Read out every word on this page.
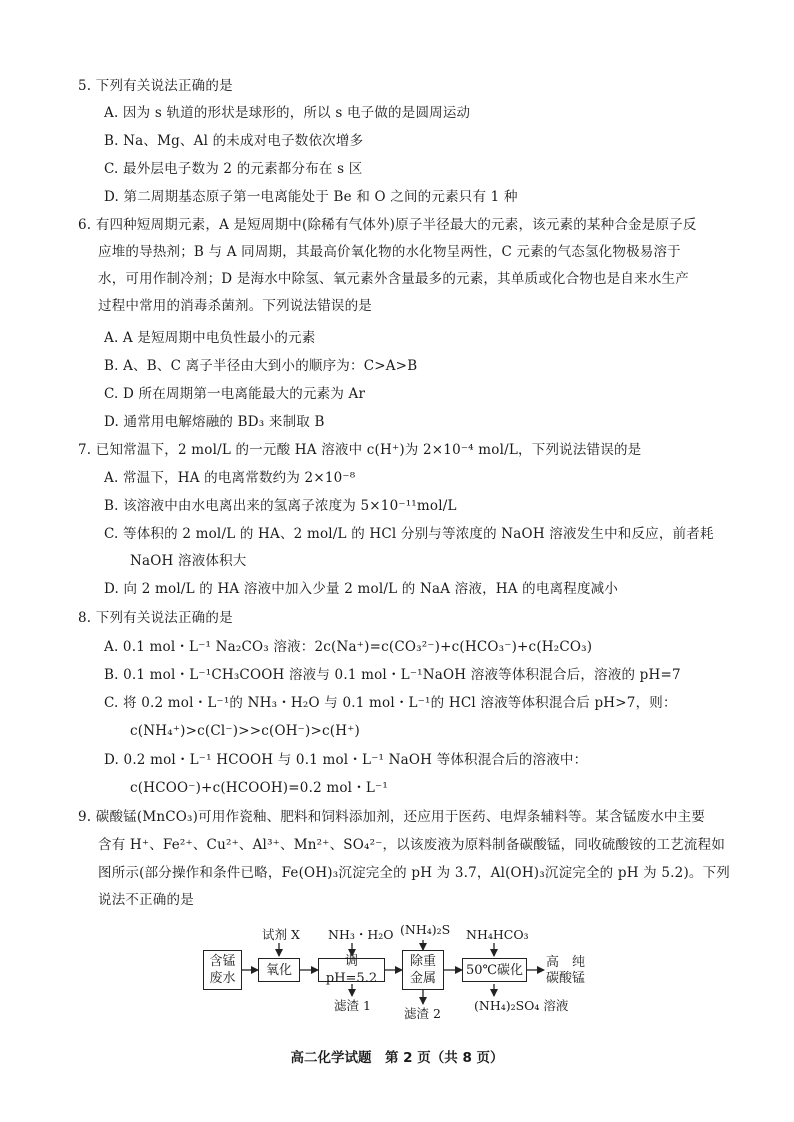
5. 下列有关说法正确的是
A. 因为 s 轨道的形状是球形的，所以 s 电子做的是圆周运动
B. Na、Mg、Al 的未成对电子数依次增多
C. 最外层电子数为 2 的元素都分布在 s 区
D. 第二周期基态原子第一电离能处于 Be 和 O 之间的元素只有 1 种
6. 有四种短周期元素，A 是短周期中(除稀有气体外)原子半径最大的元素，该元素的某种合金是原子反
应堆的导热剂；B 与 A 同周期，其最高价氧化物的水化物呈两性，C 元素的气态氢化物极易溶于
水，可用作制冷剂；D 是海水中除氢、氧元素外含量最多的元素，其单质或化合物也是自来水生产
过程中常用的消毒杀菌剂。下列说法错误的是
A. A 是短周期中电负性最小的元素
B. A、B、C 离子半径由大到小的顺序为：C>A>B
C. D 所在周期第一电离能最大的元素为 Ar
D. 通常用电解熔融的 BD₃ 来制取 B
7. 已知常温下，2 mol/L 的一元酸 HA 溶液中 c(H⁺)为 2×10⁻⁴ mol/L，下列说法错误的是
A. 常温下，HA 的电离常数约为 2×10⁻⁸
B. 该溶液中由水电离出来的氢离子浓度为 5×10⁻¹¹mol/L
C. 等体积的 2 mol/L 的 HA、2 mol/L 的 HCl 分别与等浓度的 NaOH 溶液发生中和反应，前者耗
NaOH 溶液体积大
D. 向 2 mol/L 的 HA 溶液中加入少量 2 mol/L 的 NaA 溶液，HA 的电离程度减小
8. 下列有关说法正确的是
A. 0.1 mol・L⁻¹ Na₂CO₃ 溶液：2c(Na⁺)=c(CO₃²⁻)+c(HCO₃⁻)+c(H₂CO₃)
B. 0.1 mol・L⁻¹CH₃COOH 溶液与 0.1 mol・L⁻¹NaOH 溶液等体积混合后，溶液的 pH=7
C. 将 0.2 mol・L⁻¹的 NH₃・H₂O 与 0.1 mol・L⁻¹的 HCl 溶液等体积混合后 pH>7，则：
c(NH₄⁺)>c(Cl⁻)>>c(OH⁻)>c(H⁺)
D. 0.2 mol・L⁻¹ HCOOH 与 0.1 mol・L⁻¹ NaOH 等体积混合后的溶液中：
c(HCOO⁻)+c(HCOOH)=0.2 mol・L⁻¹
9. 碳酸锰(MnCO₃)可用作瓷釉、肥料和饲料添加剂，还应用于医药、电焊条辅料等。某含锰废水中主要
含有 H⁺、Fe²⁺、Cu²⁺、Al³⁺、Mn²⁺、SO₄²⁻，以该废液为原料制备碳酸锰，同收硫酸铵的工艺流程如
图所示(部分操作和条件已略，Fe(OH)₃沉淀完全的 pH 为 3.7，Al(OH)₃沉淀完全的 pH 为 5.2)。下列
说法不正确的是
含锰
废水
氧化
调 pH=5.2
除重
金属
50℃碳化	高　纯
碳酸锰
试剂 X NH₃・H₂O (NH₄)₂S NH₄HCO₃
滤渣 1
滤渣 2
(NH₄)₂SO₄ 溶液
高二化学试题　第 2 页（共 8 页）
